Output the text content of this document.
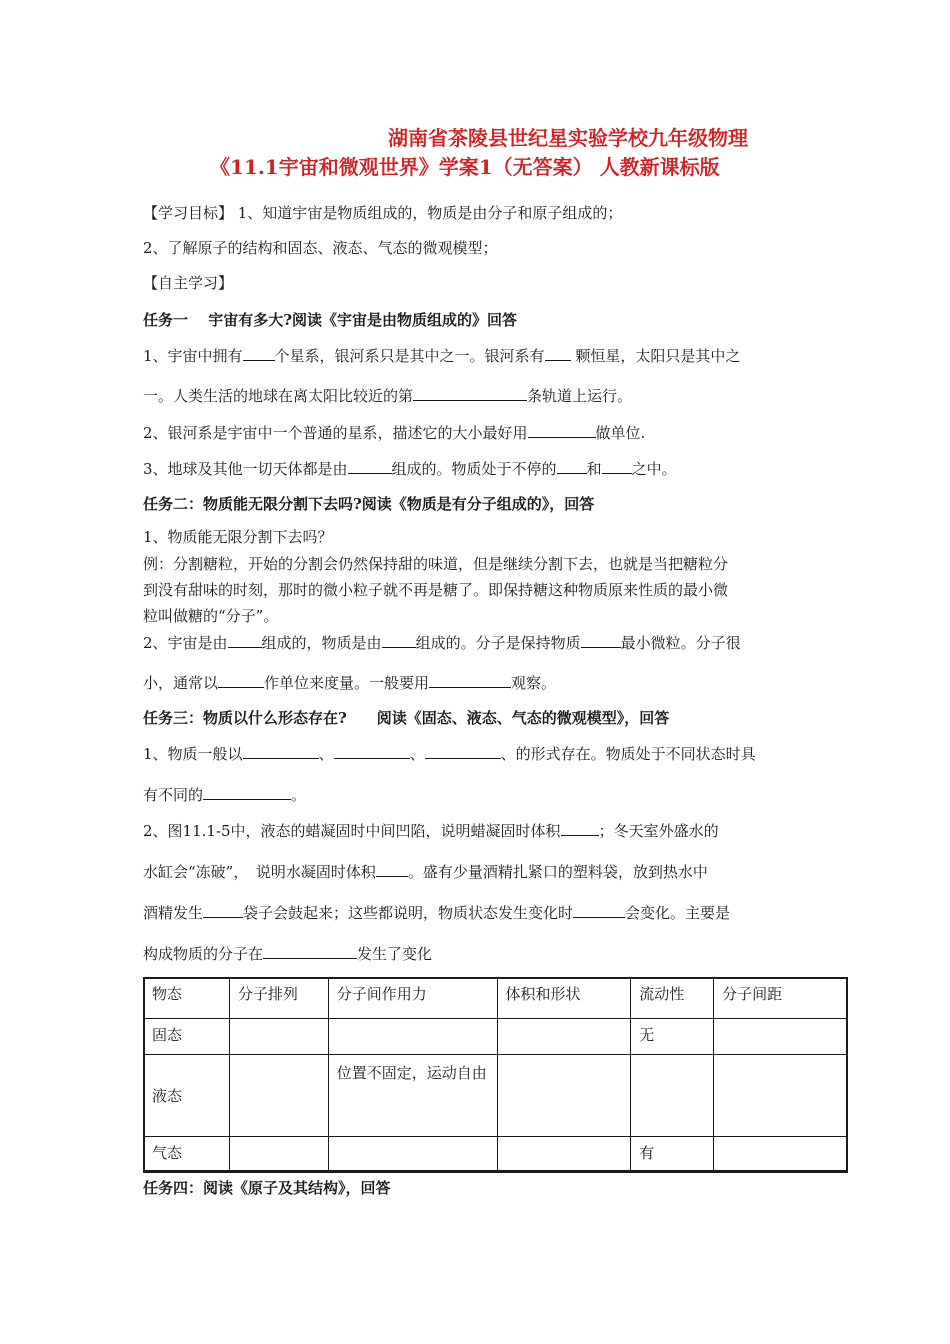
湖南省茶陵县世纪星实验学校九年级物理
《11.1宇宙和微观世界》学案1（无答案） 人教新课标版
【学习目标】 1、知道宇宙是物质组成的，物质是由分子和原子组成的；
2、了解原子的结构和固态、液态、气态的微观模型；
【自主学习】
任务一　 宇宙有多大?阅读《宇宙是由物质组成的》回答
1、宇宙中拥有 个星系，银河系只是其中之一。银河系有 颗恒星，太阳只是其中之
一。人类生活的地球在离太阳比较近的第	条轨道上运行。
2、银河系是宇宙中一个普通的星系，描述它的大小最好用	做单位.
3、地球及其他一切天体都是由	组成的。物质处于不停的 和 之中。
任务二：物质能无限分割下去吗?阅读《物质是有分子组成的》，回答
1、物质能无限分割下去吗？
例：分割糖粒，开始的分割会仍然保持甜的味道，但是继续分割下去，也就是当把糖粒分
到没有甜味的时刻，那时的微小粒子就不再是糖了。即保持糖这种物质原来性质的最小微
粒叫做糖的“分子”。
2、宇宙是由 组成的，物质是由 组成的。分子是保持物质	最小微粒。分子很
小，通常以	作单位来度量。一般要用	观察。
任务三：物质以什么形态存在?　　阅读《固态、液态、气态的微观模型》，回答
1、物质一般以	、	、	、的形式存在。物质处于不同状态时具
有不同的	。
2、图11.1-5中，液态的蜡凝固时中间凹陷，说明蜡凝固时体积	；冬天室外盛水的
水缸会“冻破”，　说明水凝固时体积 。盛有少量酒精扎紧口的塑料袋，放到热水中
酒精发生	袋子会鼓起来；这些都说明，物质状态发生变化时	会变化。主要是
构成物质的分子在	发生了变化
物态	分子排列	分子间作用力	体积和形状	流动性	分子间距
固态				无	
液态		位置不固定，运动自由			

气态				有	
任务四：阅读《原子及其结构》，回答
